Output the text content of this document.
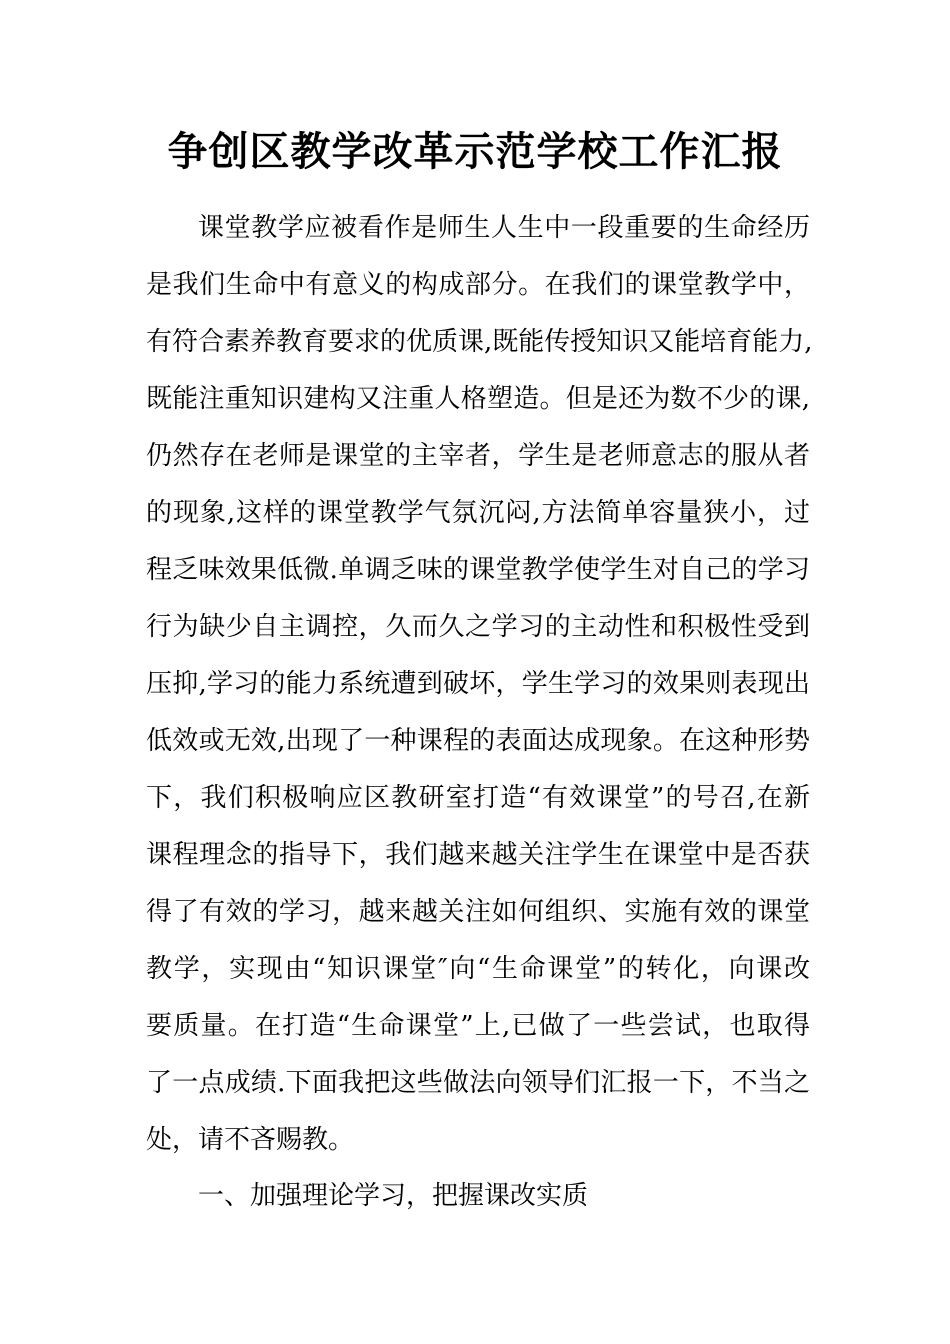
争创区教学改革示范学校工作汇报
课堂教学应被看作是师生人生中一段重要的生命经历
是我们生命中有意义的构成部分。在我们的课堂教学中，
有符合素养教育要求的优质课,既能传授知识又能培育能力,
既能注重知识建构又注重人格塑造。但是还为数不少的课,
仍然存在老师是课堂的主宰者，学生是老师意志的服从者
的现象,这样的课堂教学气氛沉闷,方法简单容量狭小，过
程乏味效果低微.单调乏味的课堂教学使学生对自己的学习
行为缺少自主调控，久而久之学习的主动性和积极性受到
压抑,学习的能力系统遭到破坏，学生学习的效果则表现出
低效或无效,出现了一种课程的表面达成现象。在这种形势
下，我们积极响应区教研室打造“有效课堂”的号召,在新
课程理念的指导下，我们越来越关注学生在课堂中是否获
得了有效的学习，越来越关注如何组织、实施有效的课堂
教学，实现由“知识课堂″向“生命课堂”的转化，向课改
要质量。在打造“生命课堂”上,已做了一些尝试，也取得
了一点成绩.下面我把这些做法向领导们汇报一下，不当之
处，请不吝赐教。

一、加强理论学习，把握课改实质
